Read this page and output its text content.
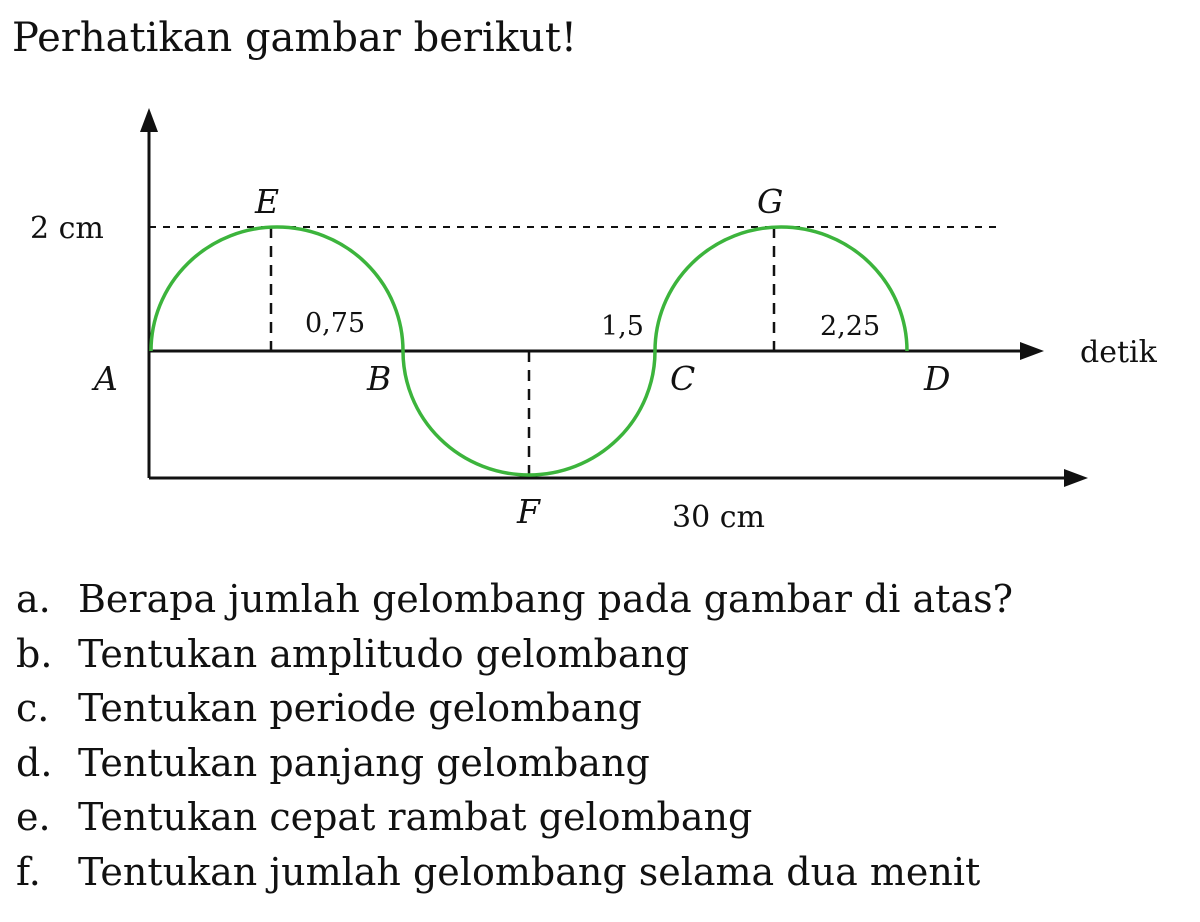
Perhatikan gambar berikut!
2 cm
detik
30 cm
E	G
A	B	C	D
F
0,75	1,5	2,25
a. Berapa jumlah gelombang pada gambar di atas?
b. Tentukan amplitudo gelombang
c. Tentukan periode gelombang
d. Tentukan panjang gelombang
e. Tentukan cepat rambat gelombang
f. Tentukan jumlah gelombang selama dua menit
